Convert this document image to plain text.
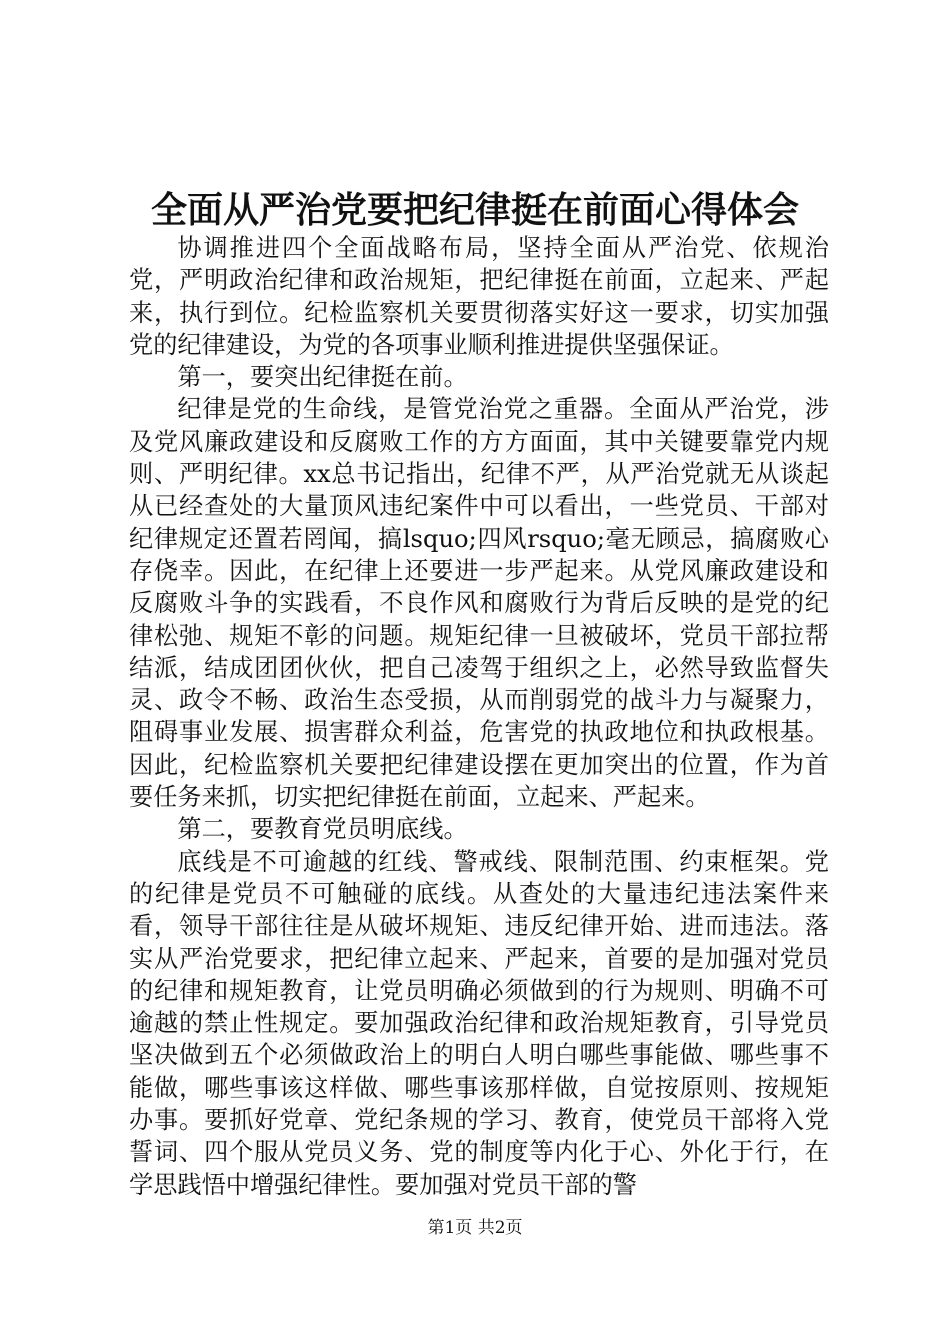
全面从严治党要把纪律挺在前面心得体会

协调推进四个全面战略布局，坚持全面从严治党、依规治党，严明政治纪律和政治规矩，把纪律挺在前面，立起来、严起来，执行到位。纪检监察机关要贯彻落实好这一要求，切实加强党的纪律建设，为党的各项事业顺利推进提供坚强保证。

第一，要突出纪律挺在前。

纪律是党的生命线，是管党治党之重器。全面从严治党，涉及党风廉政建设和反腐败工作的方方面面，其中关键要靠党内规则、严明纪律。xx总书记指出，纪律不严，从严治党就无从谈起从已经查处的大量顶风违纪案件中可以看出，一些党员、干部对纪律规定还置若罔闻，搞lsquo;四风rsquo;毫无顾忌，搞腐败心存侥幸。因此，在纪律上还要进一步严起来。从党风廉政建设和反腐败斗争的实践看，不良作风和腐败行为背后反映的是党的纪律松弛、规矩不彰的问题。规矩纪律一旦被破坏，党员干部拉帮结派，结成团团伙伙，把自己凌驾于组织之上，必然导致监督失灵、政令不畅、政治生态受损，从而削弱党的战斗力与凝聚力，阻碍事业发展、损害群众利益，危害党的执政地位和执政根基。因此，纪检监察机关要把纪律建设摆在更加突出的位置，作为首要任务来抓，切实把纪律挺在前面，立起来、严起来。

第二，要教育党员明底线。

底线是不可逾越的红线、警戒线、限制范围、约束框架。党的纪律是党员不可触碰的底线。从查处的大量违纪违法案件来看，领导干部往往是从破坏规矩、违反纪律开始、进而违法。落实从严治党要求，把纪律立起来、严起来，首要的是加强对党员的纪律和规矩教育，让党员明确必须做到的行为规则、明确不可逾越的禁止性规定。要加强政治纪律和政治规矩教育，引导党员坚决做到五个必须做政治上的明白人明白哪些事能做、哪些事不能做，哪些事该这样做、哪些事该那样做，自觉按原则、按规矩办事。要抓好党章、党纪条规的学习、教育，使党员干部将入党誓词、四个服从党员义务、党的制度等内化于心、外化于行，在学思践悟中增强纪律性。要加强对党员干部的警

第1页 共2页
